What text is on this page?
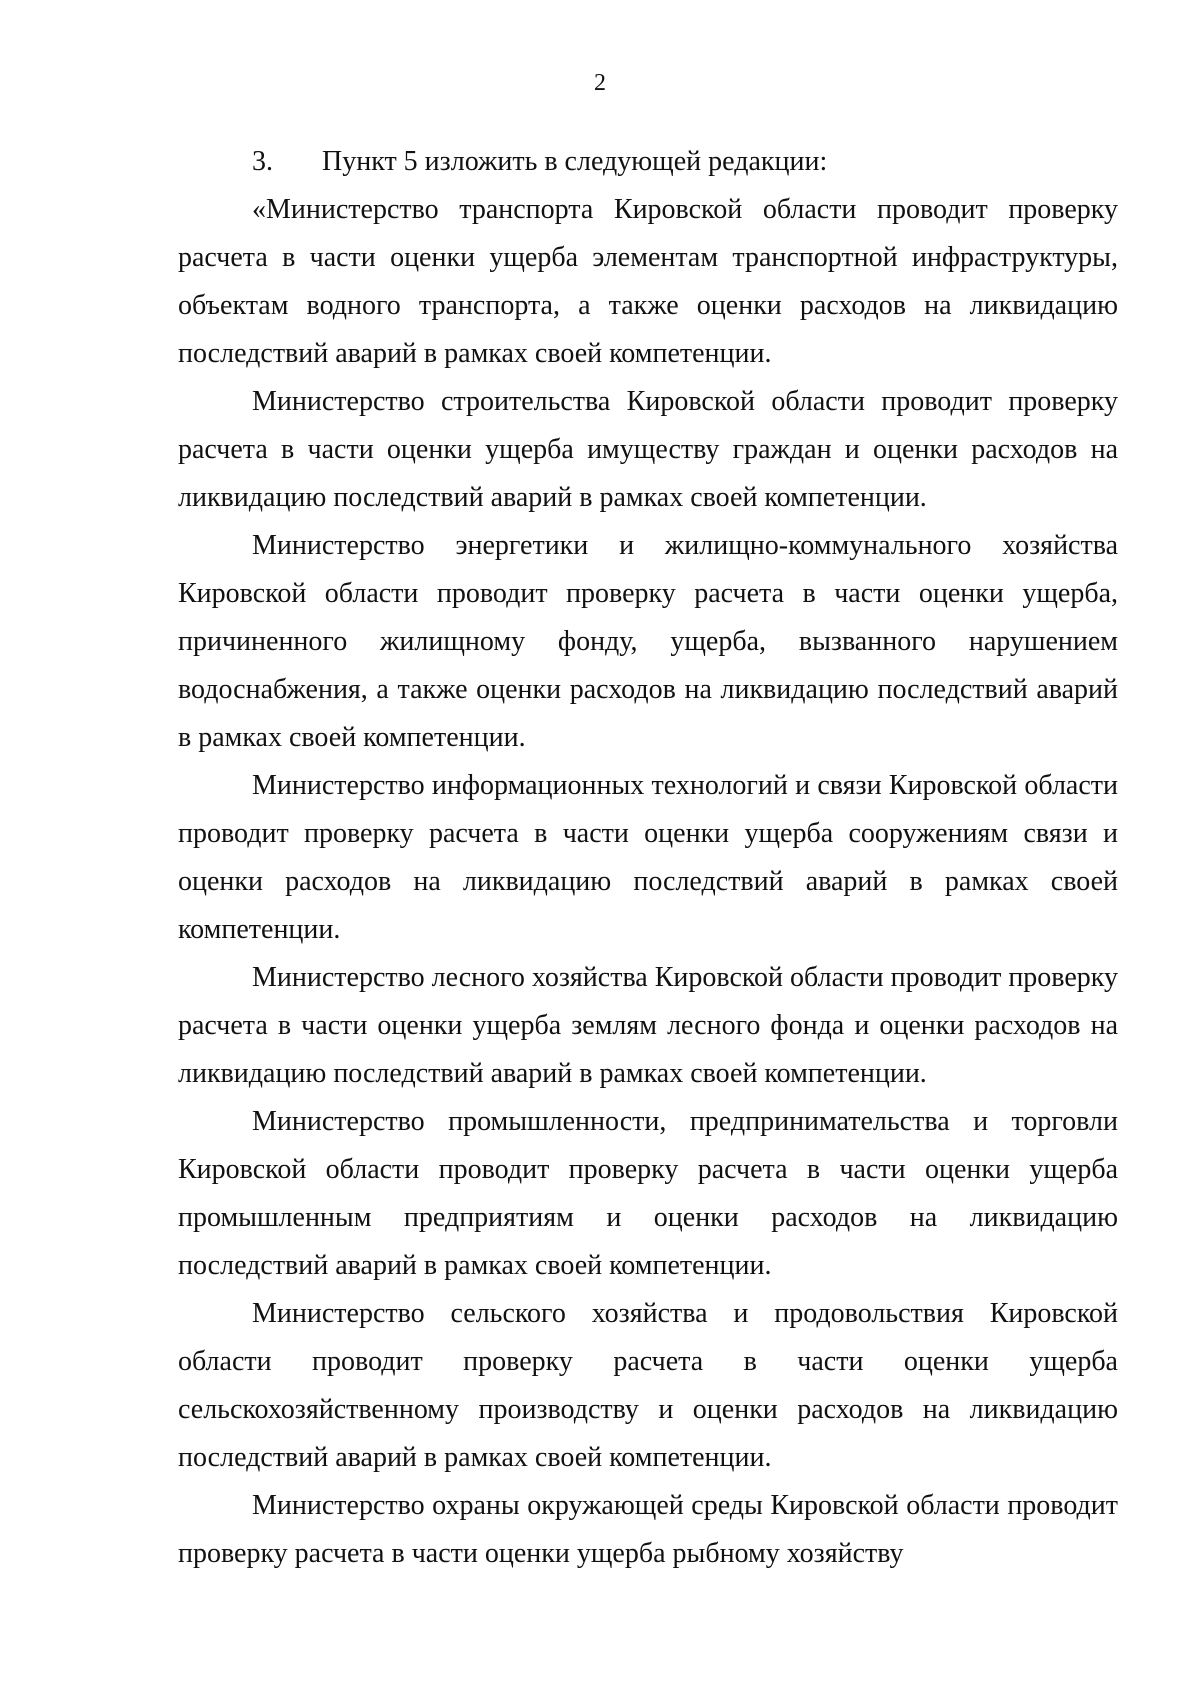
2
3. Пункт 5 изложить в следующей редакции:

«Министерство транспорта Кировской области проводит проверку расчета в части оценки ущерба элементам транспортной инфраструктуры, объектам водного транспорта, а также оценки расходов на ликвидацию последствий аварий в рамках своей компетенции.

Министерство строительства Кировской области проводит проверку расчета в части оценки ущерба имуществу граждан и оценки расходов на ликвидацию последствий аварий в рамках своей компетенции.

Министерство энергетики и жилищно-коммунального хозяйства Кировской области проводит проверку расчета в части оценки ущерба, причиненного жилищному фонду, ущерба, вызванного нарушением водоснабжения, а также оценки расходов на ликвидацию последствий аварий в рамках своей компетенции.

Министерство информационных технологий и связи Кировской области проводит проверку расчета в части оценки ущерба сооружениям связи и оценки расходов на ликвидацию последствий аварий в рамках своей компетенции.

Министерство лесного хозяйства Кировской области проводит проверку расчета в части оценки ущерба землям лесного фонда и оценки расходов на ликвидацию последствий аварий в рамках своей компетенции.

Министерство промышленности, предпринимательства и торговли Кировской области проводит проверку расчета в части оценки ущерба промышленным предприятиям и оценки расходов на ликвидацию последствий аварий в рамках своей компетенции.

Министерство сельского хозяйства и продовольствия Кировской области проводит проверку расчета в части оценки ущерба сельскохозяйственному производству и оценки расходов на ликвидацию последствий аварий в рамках своей компетенции.

Министерство охраны окружающей среды Кировской области проводит проверку расчета в части оценки ущерба рыбному хозяйству
